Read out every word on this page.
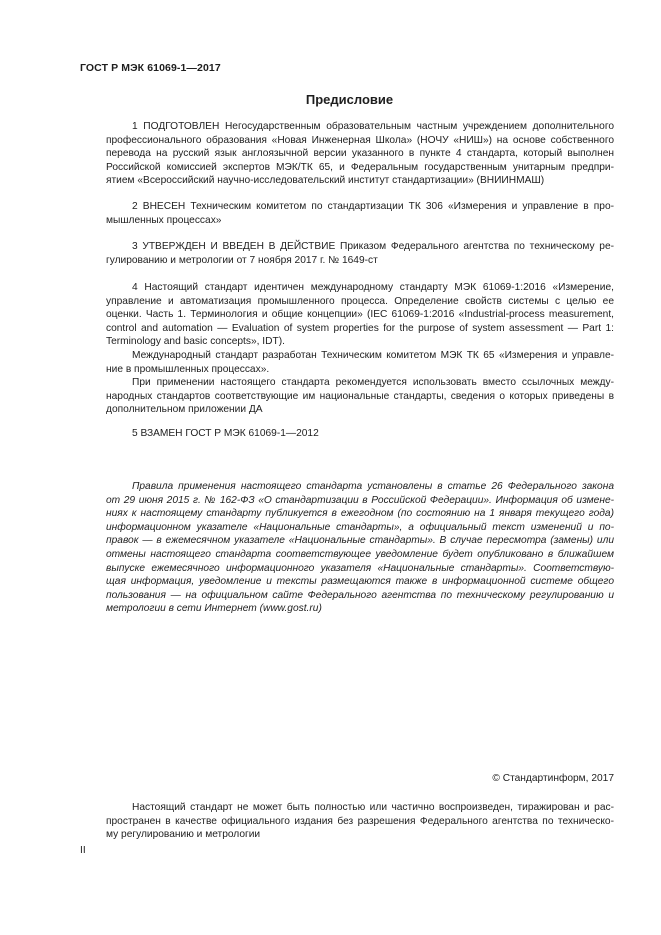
ГОСТ Р МЭК 61069-1—2017
Предисловие
1 ПОДГОТОВЛЕН Негосударственным образовательным частным учреждением дополнительного
профессионального образования «Новая Инженерная Школа» (НОЧУ «НИШ») на основе собственного
перевода на русский язык англоязычной версии указанного в пункте 4 стандарта, который выполнен
Российской комиссией экспертов МЭК/ТК 65, и Федеральным государственным унитарным предпри-
ятием «Всероссийский научно-исследовательский институт стандартизации» (ВНИИНМАШ)
2 ВНЕСЕН Техническим комитетом по стандартизации ТК 306 «Измерения и управление в про-
мышленных процессах»
3 УТВЕРЖДЕН И ВВЕДЕН В ДЕЙСТВИЕ Приказом Федерального агентства по техническому ре-
гулированию и метрологии от 7 ноября 2017 г. № 1649-ст
4 Настоящий стандарт идентичен международному стандарту МЭК 61069-1:2016 «Измерение,
управление и автоматизация промышленного процесса. Определение свойств системы с целью ее
оценки. Часть 1. Терминология и общие концепции» (IEC 61069-1:2016 «Industrial-process measurement,
control and automation — Evaluation of system properties for the purpose of system assessment — Part 1:
Terminology and basic concepts», IDT).
Международный стандарт разработан Техническим комитетом МЭК ТК 65 «Измерения и управле-
ние в промышленных процессах».
При применении настоящего стандарта рекомендуется использовать вместо ссылочных между-
народных стандартов соответствующие им национальные стандарты, сведения о которых приведены в
дополнительном приложении ДА
5 ВЗАМЕН ГОСТ Р МЭК 61069-1—2012
Правила применения настоящего стандарта установлены в статье 26 Федерального закона
от 29 июня 2015 г. № 162-ФЗ «О стандартизации в Российской Федерации». Информация об измене-
ниях к настоящему стандарту публикуется в ежегодном (по состоянию на 1 января текущего года)
информационном указателе «Национальные стандарты», а официальный текст изменений и по-
правок — в ежемесячном указателе «Национальные стандарты». В случае пересмотра (замены) или
отмены настоящего стандарта соответствующее уведомление будет опубликовано в ближайшем
выпуске ежемесячного информационного указателя «Национальные стандарты». Соответствую-
щая информация, уведомление и тексты размещаются также в информационной системе общего
пользования — на официальном сайте Федерального агентства по техническому регулированию и
метрологии в сети Интернет (www.gost.ru)
© Стандартинформ, 2017
Настоящий стандарт не может быть полностью или частично воспроизведен, тиражирован и рас-
пространен в качестве официального издания без разрешения Федерального агентства по техническо-
му регулированию и метрологии
II
